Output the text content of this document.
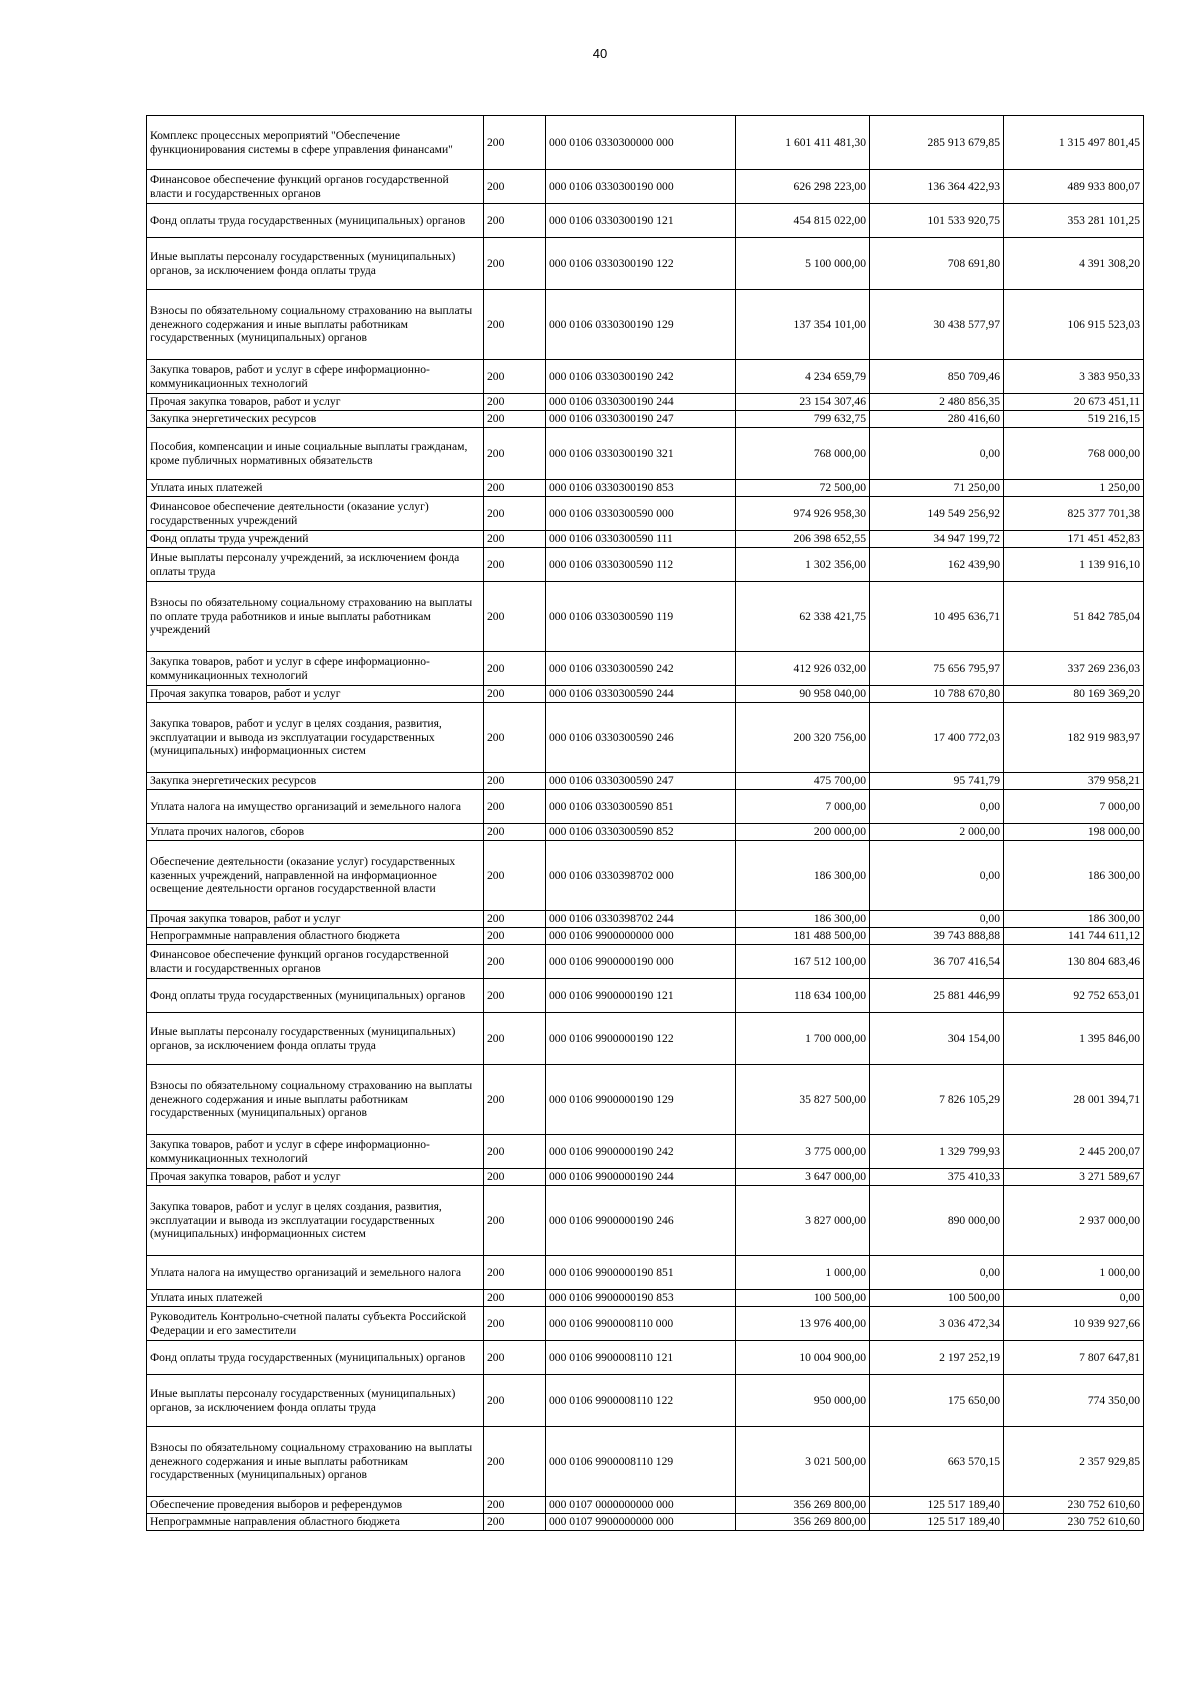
40
Комплекс процессных мероприятий "Обеспечение функционирования системы в сфере управления финансами"	200	000 0106 0330300000 000	1 601 411 481,30	285 913 679,85	1 315 497 801,45
Финансовое обеспечение функций органов государственной власти и государственных органов	200	000 0106 0330300190 000	626 298 223,00	136 364 422,93	489 933 800,07
Фонд оплаты труда государственных (муниципальных) органов	200	000 0106 0330300190 121	454 815 022,00	101 533 920,75	353 281 101,25
Иные выплаты персоналу государственных (муниципальных) органов, за исключением фонда оплаты труда	200	000 0106 0330300190 122	5 100 000,00	708 691,80	4 391 308,20
Взносы по обязательному социальному страхованию на выплаты денежного содержания и иные выплаты работникам государственных (муниципальных) органов	200	000 0106 0330300190 129	137 354 101,00	30 438 577,97	106 915 523,03
Закупка товаров, работ и услуг в сфере информационно-коммуникационных технологий	200	000 0106 0330300190 242	4 234 659,79	850 709,46	3 383 950,33
Прочая закупка товаров, работ и услуг	200	000 0106 0330300190 244	23 154 307,46	2 480 856,35	20 673 451,11
Закупка энергетических ресурсов	200	000 0106 0330300190 247	799 632,75	280 416,60	519 216,15
Пособия, компенсации и иные социальные выплаты гражданам, кроме публичных нормативных обязательств	200	000 0106 0330300190 321	768 000,00	0,00	768 000,00
Уплата иных платежей	200	000 0106 0330300190 853	72 500,00	71 250,00	1 250,00
Финансовое обеспечение деятельности (оказание услуг) государственных учреждений	200	000 0106 0330300590 000	974 926 958,30	149 549 256,92	825 377 701,38
Фонд оплаты труда учреждений	200	000 0106 0330300590 111	206 398 652,55	34 947 199,72	171 451 452,83
Иные выплаты персоналу учреждений, за исключением фонда оплаты труда	200	000 0106 0330300590 112	1 302 356,00	162 439,90	1 139 916,10
Взносы по обязательному социальному страхованию на выплаты по оплате труда работников и иные выплаты работникам учреждений	200	000 0106 0330300590 119	62 338 421,75	10 495 636,71	51 842 785,04
Закупка товаров, работ и услуг в сфере информационно-коммуникационных технологий	200	000 0106 0330300590 242	412 926 032,00	75 656 795,97	337 269 236,03
Прочая закупка товаров, работ и услуг	200	000 0106 0330300590 244	90 958 040,00	10 788 670,80	80 169 369,20
Закупка товаров, работ и услуг в целях создания, развития, эксплуатации и вывода из эксплуатации государственных (муниципальных) информационных систем	200	000 0106 0330300590 246	200 320 756,00	17 400 772,03	182 919 983,97
Закупка энергетических ресурсов	200	000 0106 0330300590 247	475 700,00	95 741,79	379 958,21
Уплата налога на имущество организаций и земельного налога	200	000 0106 0330300590 851	7 000,00	0,00	7 000,00
Уплата прочих налогов, сборов	200	000 0106 0330300590 852	200 000,00	2 000,00	198 000,00
Обеспечение деятельности (оказание услуг) государственных казенных учреждений, направленной на информационное освещение деятельности органов государственной власти	200	000 0106 0330398702 000	186 300,00	0,00	186 300,00
Прочая закупка товаров, работ и услуг	200	000 0106 0330398702 244	186 300,00	0,00	186 300,00
Непрограммные направления областного бюджета	200	000 0106 9900000000 000	181 488 500,00	39 743 888,88	141 744 611,12
Финансовое обеспечение функций органов государственной власти и государственных органов	200	000 0106 9900000190 000	167 512 100,00	36 707 416,54	130 804 683,46
Фонд оплаты труда государственных (муниципальных) органов	200	000 0106 9900000190 121	118 634 100,00	25 881 446,99	92 752 653,01
Иные выплаты персоналу государственных (муниципальных) органов, за исключением фонда оплаты труда	200	000 0106 9900000190 122	1 700 000,00	304 154,00	1 395 846,00
Взносы по обязательному социальному страхованию на выплаты денежного содержания и иные выплаты работникам государственных (муниципальных) органов	200	000 0106 9900000190 129	35 827 500,00	7 826 105,29	28 001 394,71
Закупка товаров, работ и услуг в сфере информационно-коммуникационных технологий	200	000 0106 9900000190 242	3 775 000,00	1 329 799,93	2 445 200,07
Прочая закупка товаров, работ и услуг	200	000 0106 9900000190 244	3 647 000,00	375 410,33	3 271 589,67
Закупка товаров, работ и услуг в целях создания, развития, эксплуатации и вывода из эксплуатации государственных (муниципальных) информационных систем	200	000 0106 9900000190 246	3 827 000,00	890 000,00	2 937 000,00
Уплата налога на имущество организаций и земельного налога	200	000 0106 9900000190 851	1 000,00	0,00	1 000,00
Уплата иных платежей	200	000 0106 9900000190 853	100 500,00	100 500,00	0,00
Руководитель Контрольно-счетной палаты субъекта Российской Федерации и его заместители	200	000 0106 9900008110 000	13 976 400,00	3 036 472,34	10 939 927,66
Фонд оплаты труда государственных (муниципальных) органов	200	000 0106 9900008110 121	10 004 900,00	2 197 252,19	7 807 647,81
Иные выплаты персоналу государственных (муниципальных) органов, за исключением фонда оплаты труда	200	000 0106 9900008110 122	950 000,00	175 650,00	774 350,00
Взносы по обязательному социальному страхованию на выплаты денежного содержания и иные выплаты работникам государственных (муниципальных) органов	200	000 0106 9900008110 129	3 021 500,00	663 570,15	2 357 929,85
Обеспечение проведения выборов и референдумов	200	000 0107 0000000000 000	356 269 800,00	125 517 189,40	230 752 610,60
Непрограммные направления областного бюджета	200	000 0107 9900000000 000	356 269 800,00	125 517 189,40	230 752 610,60
